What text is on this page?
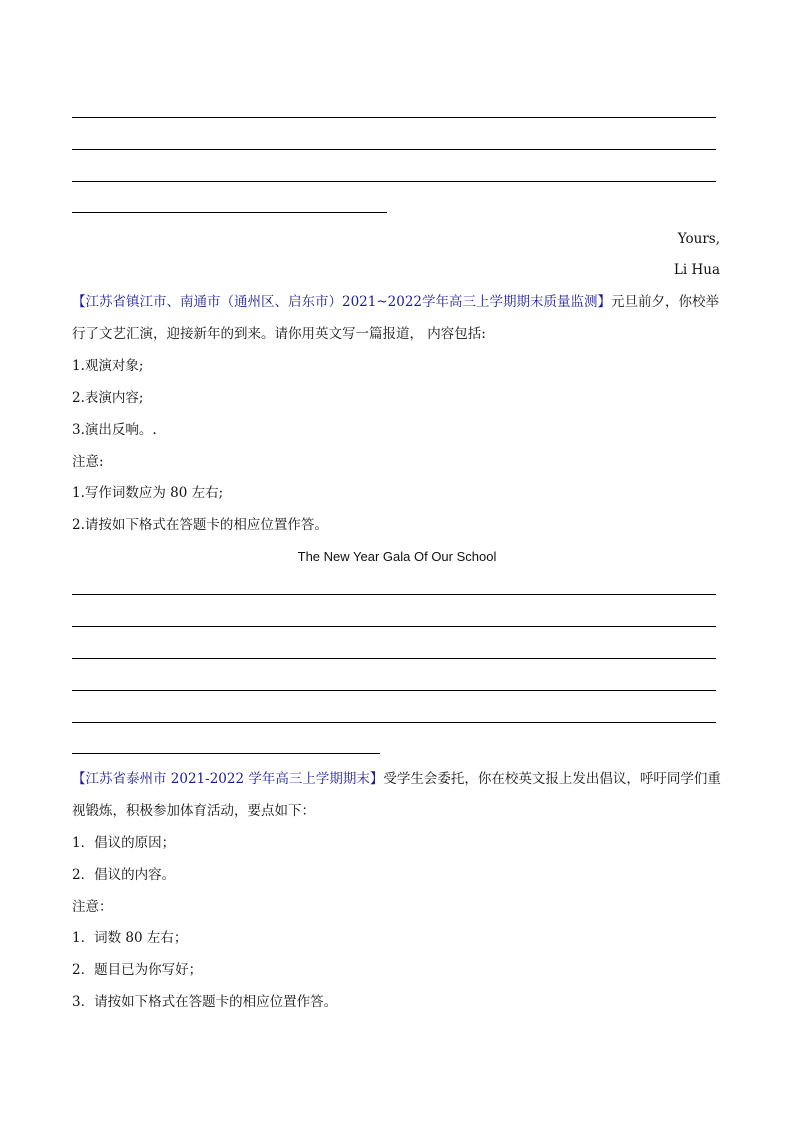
Yours,
Li Hua
【江苏省镇江市、南通市（通州区、启东市）2021~2022学年高三上学期期末质量监测】元旦前夕，你校举
行了文艺汇演，迎接新年的到来。请你用英文写一篇报道， 内容包括:
1.观演对象;
2.表演内容;
3.演出反响。.
注意:
1.写作词数应为 80 左右;
2.请按如下格式在答题卡的相应位置作答。
The New Year Gala Of Our School
【江苏省泰州市 2021-2022 学年高三上学期期末】受学生会委托，你在校英文报上发出倡议，呼吁同学们重
视锻炼，积极参加体育活动，要点如下：
1．倡议的原因；
2．倡议的内容。
注意：
1．词数 80 左右；
2．题目已为你写好；
3．请按如下格式在答题卡的相应位置作答。
